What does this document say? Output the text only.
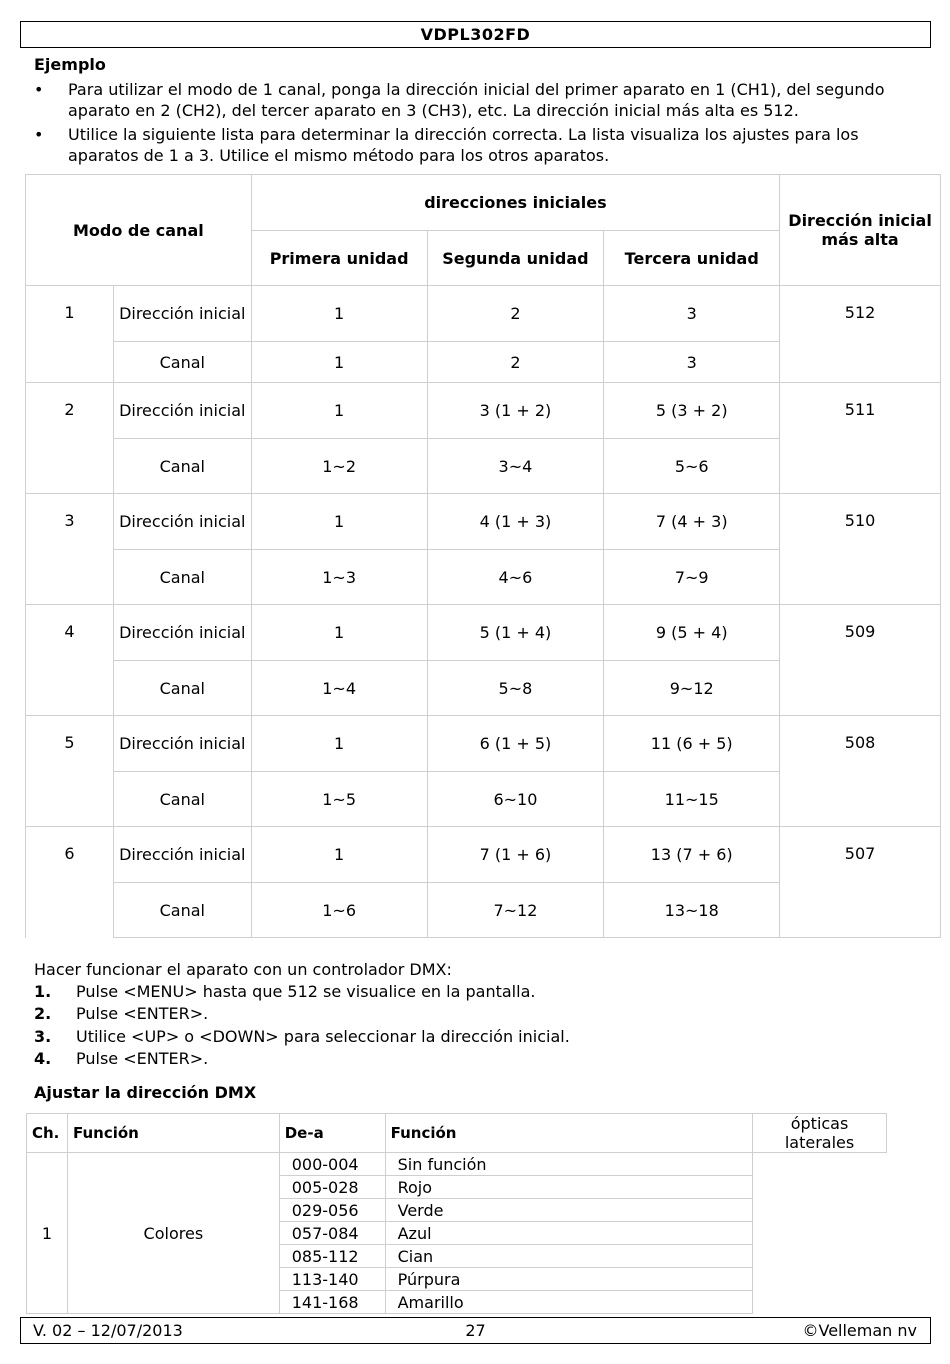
VDPL302FD
Ejemplo
• Para utilizar el modo de 1 canal, ponga la dirección inicial del primer aparato en 1 (CH1), del segundo aparato en 2 (CH2), del tercer aparato en 3 (CH3), etc. La dirección inicial más alta es 512.
• Utilice la siguiente lista para determinar la dirección correcta. La lista visualiza los ajustes para los aparatos de 1 a 3. Utilice el mismo método para los otros aparatos.
Modo de canal		direcciones iniciales			Dirección inicial más alta
		Primera unidad	Segunda unidad	Tercera unidad	
1	Dirección inicial	1	2	3	512
	Canal	1	2	3	
2	Dirección inicial	1	3 (1 + 2)	5 (3 + 2)	511
	Canal	1~2	3~4	5~6	
3	Dirección inicial	1	4 (1 + 3)	7 (4 + 3)	510
	Canal	1~3	4~6	7~9	
4	Dirección inicial	1	5 (1 + 4)	9 (5 + 4)	509
	Canal	1~4	5~8	9~12	
5	Dirección inicial	1	6 (1 + 5)	11 (6 + 5)	508
	Canal	1~5	6~10	11~15	
6	Dirección inicial	1	7 (1 + 6)	13 (7 + 6)	507
	Canal	1~6	7~12	13~18	
Hacer funcionar el aparato con un controlador DMX:
1. Pulse <MENU> hasta que 512 se visualice en la pantalla.
2. Pulse <ENTER>.
3. Utilice <UP> o <DOWN> para seleccionar la dirección inicial.
4. Pulse <ENTER>.
Ajustar la dirección DMX
Ch.	Función	De-a	Función	ópticas laterales
1	Colores	000-004	Sin función	
		005-028	Rojo	
		029-056	Verde	
		057-084	Azul	
		085-112	Cian	
		113-140	Púrpura	
		141-168	Amarillo	
V. 02 – 12/07/2013	27	©Velleman nv
